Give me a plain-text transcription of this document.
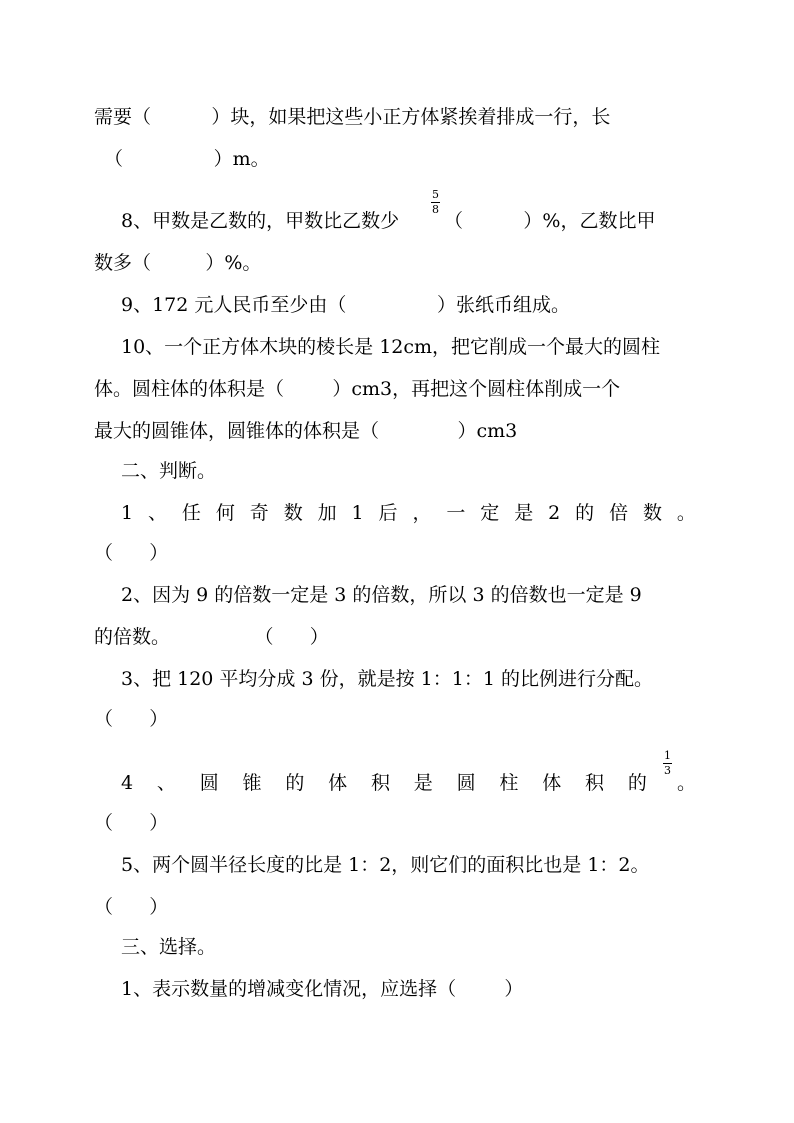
需要（          ）块，如果把这些小正方体紧挨着排成一行，长
（               ）m。
8、甲数是乙数的，甲数比乙数少
5
8
（          ）%，乙数比甲
数多（         ）%。
9、172 元人民币至少由（               ）张纸币组成。
10、一个正方体木块的棱长是 12cm，把它削成一个最大的圆柱
体。圆柱体的体积是（        ）cm3，再把这个圆柱体削成一个
最大的圆锥体，圆锥体的体积是（             ）cm3
二、判断。
1 、 任 何 奇 数 加 1 后 ， 一 定 是 2 的 倍 数 。
（      ）
2、因为 9 的倍数一定是 3 的倍数，所以 3 的倍数也一定是 9
的倍数。              （      ）
3、把 120 平均分成 3 份，就是按 1：1：1 的比例进行分配。
（      ）
4 、 圆 锥 的 体 积 是 圆 柱 体 积 的
1
3
。
（      ）
5、两个圆半径长度的比是 1：2，则它们的面积比也是 1：2。
（      ）
三、选择。
1、表示数量的增减变化情况，应选择（        ）
